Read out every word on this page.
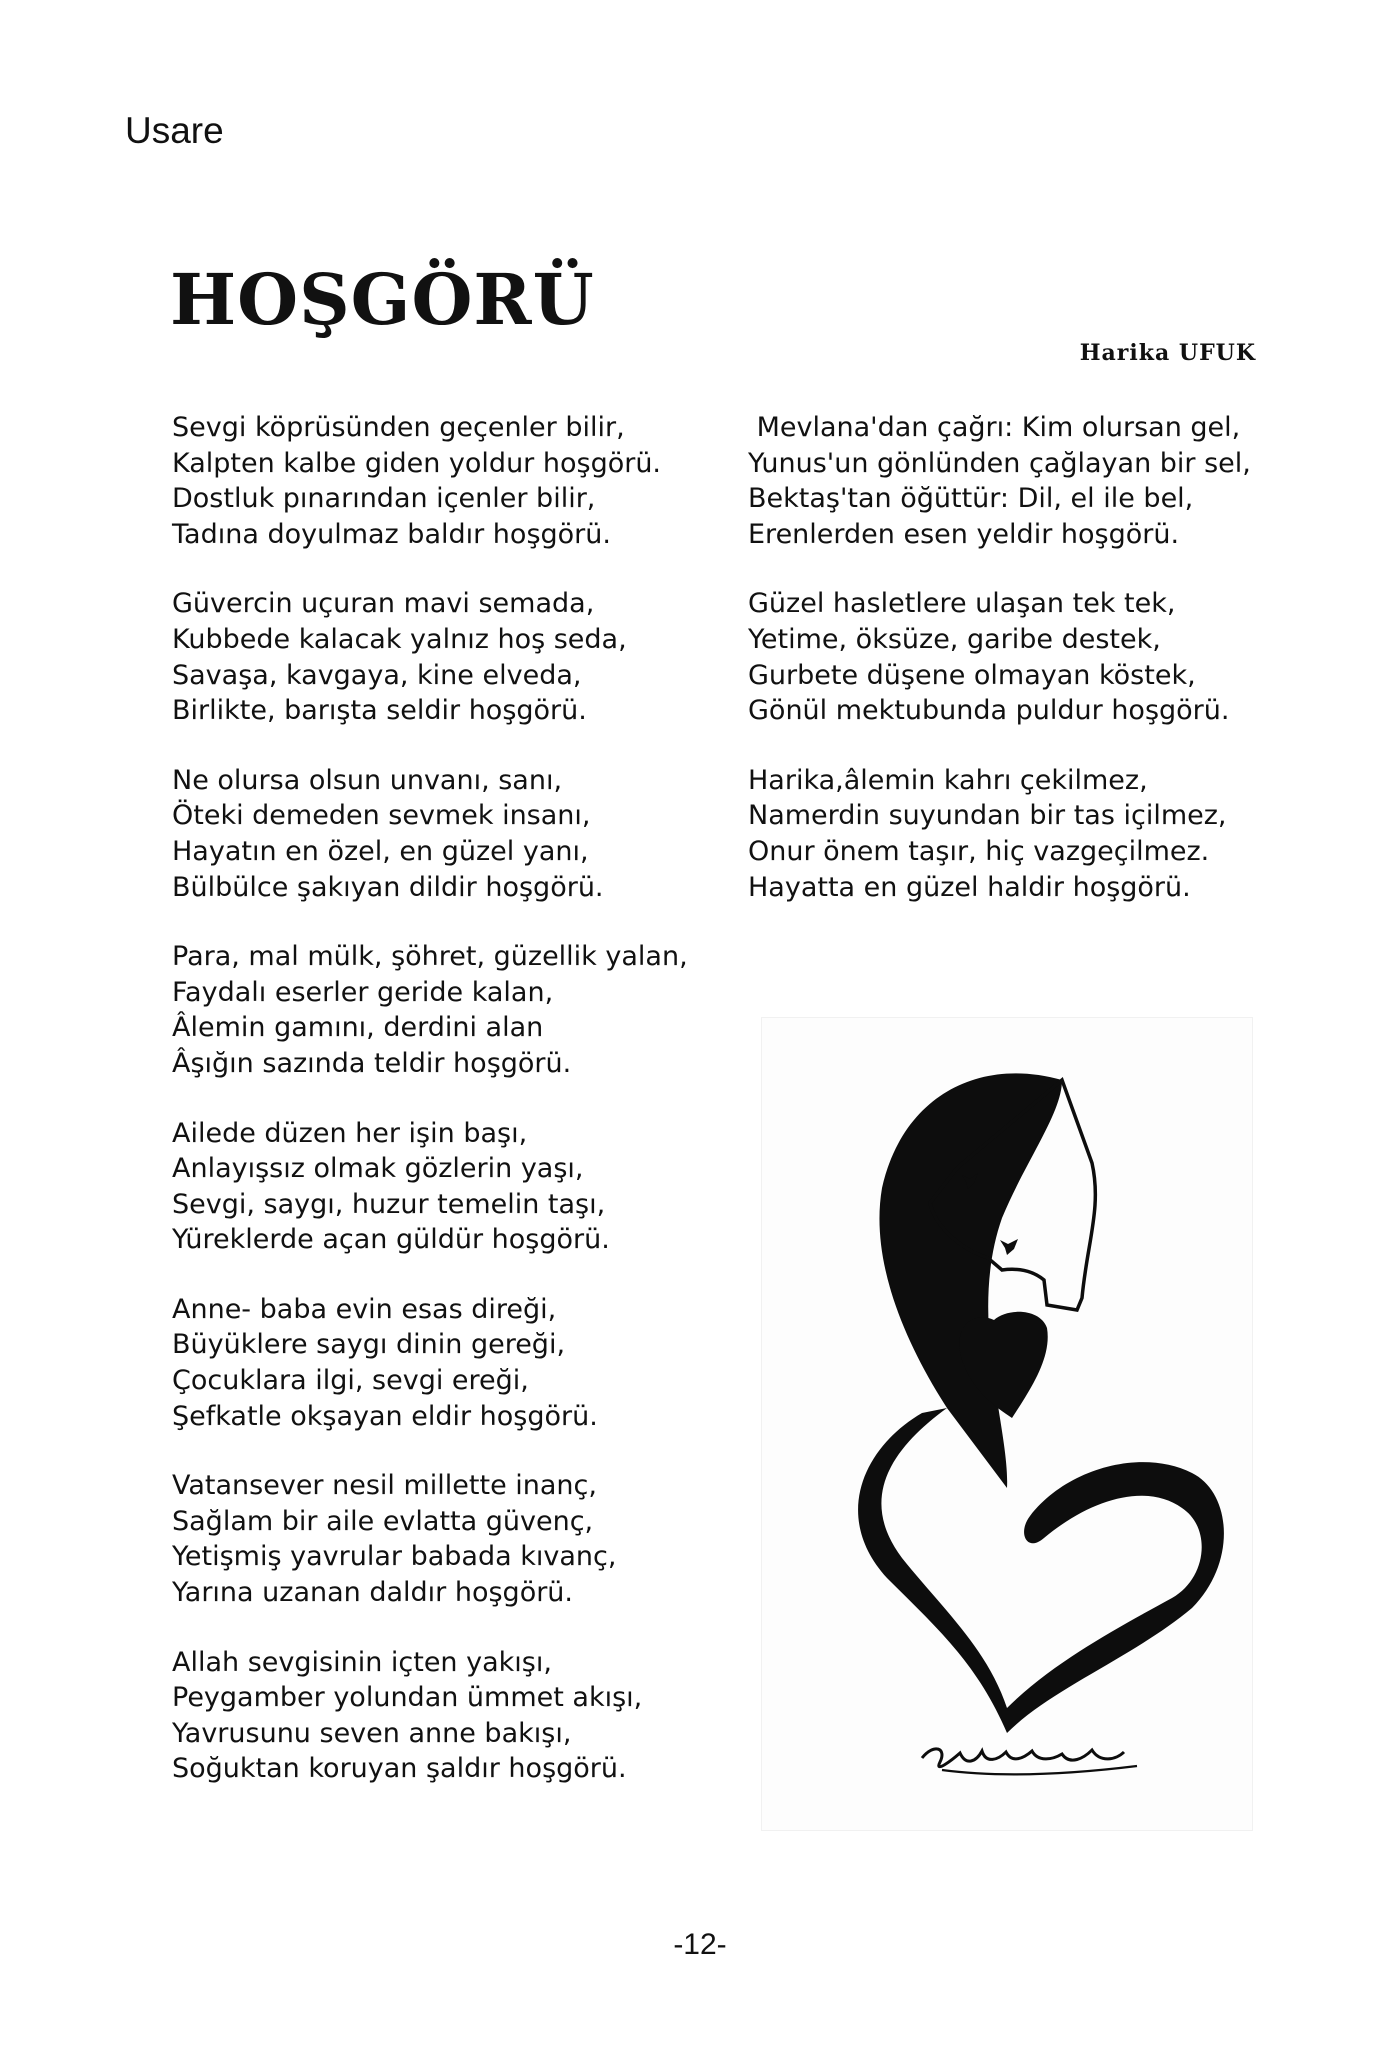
Usare
HOŞGÖRÜ
Harika UFUK
Sevgi köprüsünden geçenler bilir,
Kalpten kalbe giden yoldur hoşgörü.
Dostluk pınarından içenler bilir,
Tadına doyulmaz baldır hoşgörü.
Güvercin uçuran mavi semada,
Kubbede kalacak yalnız hoş seda,
Savaşa, kavgaya, kine elveda,
Birlikte, barışta seldir hoşgörü.
Ne olursa olsun unvanı, sanı,
Öteki demeden sevmek insanı,
Hayatın en özel, en güzel yanı,
Bülbülce şakıyan dildir hoşgörü.
Para, mal mülk, şöhret, güzellik yalan,
Faydalı eserler geride kalan,
Âlemin gamını, derdini alan
Âşığın sazında teldir hoşgörü.
Ailede düzen her işin başı,
Anlayışsız olmak gözlerin yaşı,
Sevgi, saygı, huzur temelin taşı,
Yüreklerde açan güldür hoşgörü.
Anne- baba evin esas direği,
Büyüklere saygı dinin gereği,
Çocuklara ilgi, sevgi ereği,
Şefkatle okşayan eldir hoşgörü.
Vatansever nesil millette inanç,
Sağlam bir aile evlatta güvenç,
Yetişmiş yavrular babada kıvanç,
Yarına uzanan daldır hoşgörü.
Allah sevgisinin içten yakışı,
Peygamber yolundan ümmet akışı,
Yavrusunu seven anne bakışı,
Soğuktan koruyan şaldır hoşgörü.
Mevlana'dan çağrı: Kim olursan gel,
Yunus'un gönlünden çağlayan bir sel,
Bektaş'tan öğüttür: Dil, el ile bel,
Erenlerden esen yeldir hoşgörü.
Güzel hasletlere ulaşan tek tek,
Yetime, öksüze, garibe destek,
Gurbete düşene olmayan köstek,
Gönül mektubunda puldur hoşgörü.
Harika,âlemin kahrı çekilmez,
Namerdin suyundan bir tas içilmez,
Onur önem taşır, hiç vazgeçilmez.
Hayatta en güzel haldir hoşgörü.
-12-
